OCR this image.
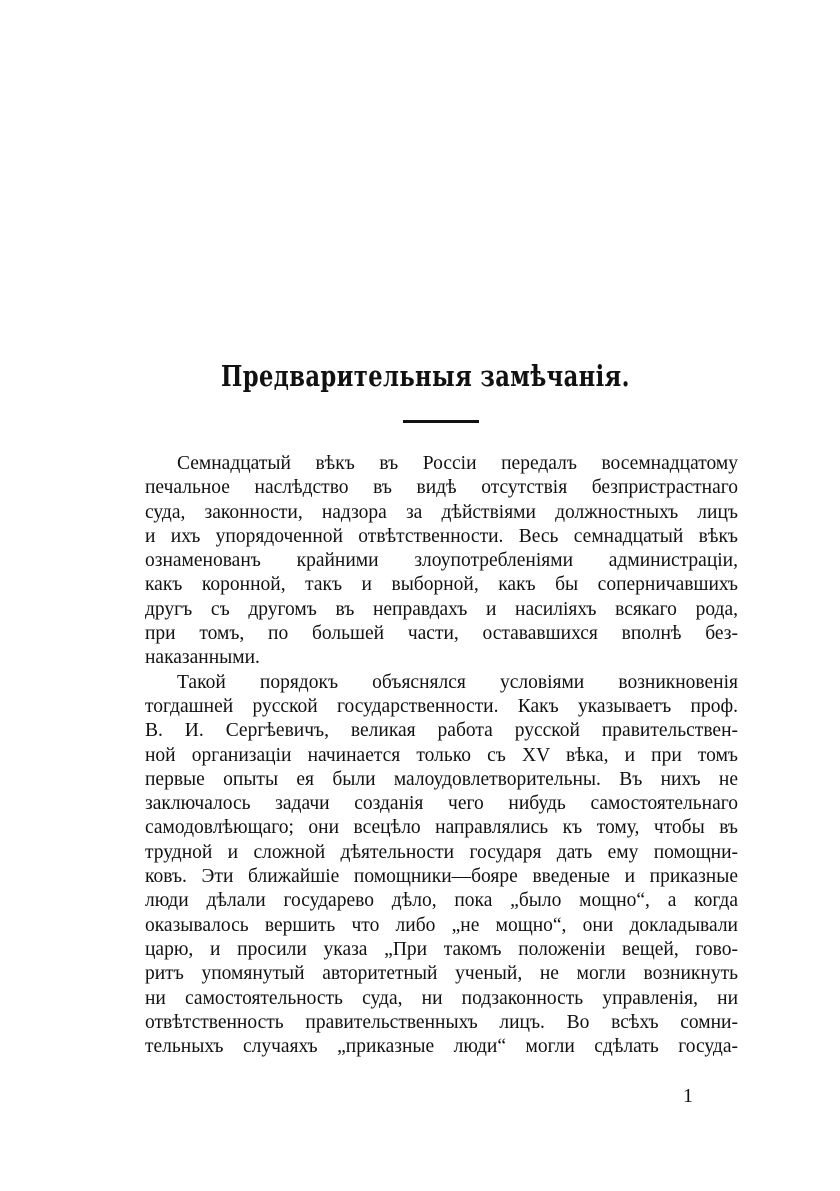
Предварительныя замѣчанія.
Семнадцатый вѣкъ въ Россіи передалъ восемнадцатому
печальное наслѣдство въ видѣ отсутствія безпристрастнаго
суда, законности, надзора за дѣйствіями должностныхъ лицъ
и ихъ упорядоченной отвѣтственности. Весь семнадцатый вѣкъ
ознаменованъ крайними злоупотребленіями администраціи,
какъ коронной, такъ и выборной, какъ бы соперничавшихъ
другъ съ другомъ въ неправдахъ и насиліяхъ всякаго рода,
при томъ, по большей части, остававшихся вполнѣ без-
наказанными.
Такой порядокъ объяснялся условіями возникновенія
тогдашней русской государственности. Какъ указываетъ проф.
В. И. Сергѣевичъ, великая работа русской правительствен-
ной организаціи начинается только съ XV вѣка, и при томъ
первые опыты ея были малоудовлетворительны. Въ нихъ не
заключалось задачи созданія чего нибудь самостоятельнаго
самодовлѣющаго; они всецѣло направлялись къ тому, чтобы въ
трудной и сложной дѣятельности государя дать ему помощни-
ковъ. Эти ближайшіе помощники—бояре введеные и приказные
люди дѣлали государево дѣло, пока „было мощно“, а когда
оказывалось вершить что либо „не мощно“, они докладывали
царю, и просили указа „При такомъ положеніи вещей, гово-
ритъ упомянутый авторитетный ученый, не могли возникнуть
ни самостоятельность суда, ни подзаконность управленія, ни
отвѣтственность правительственныхъ лицъ. Во всѣхъ сомни-
тельныхъ случаяхъ „приказные люди“ могли сдѣлать госуда-
1
